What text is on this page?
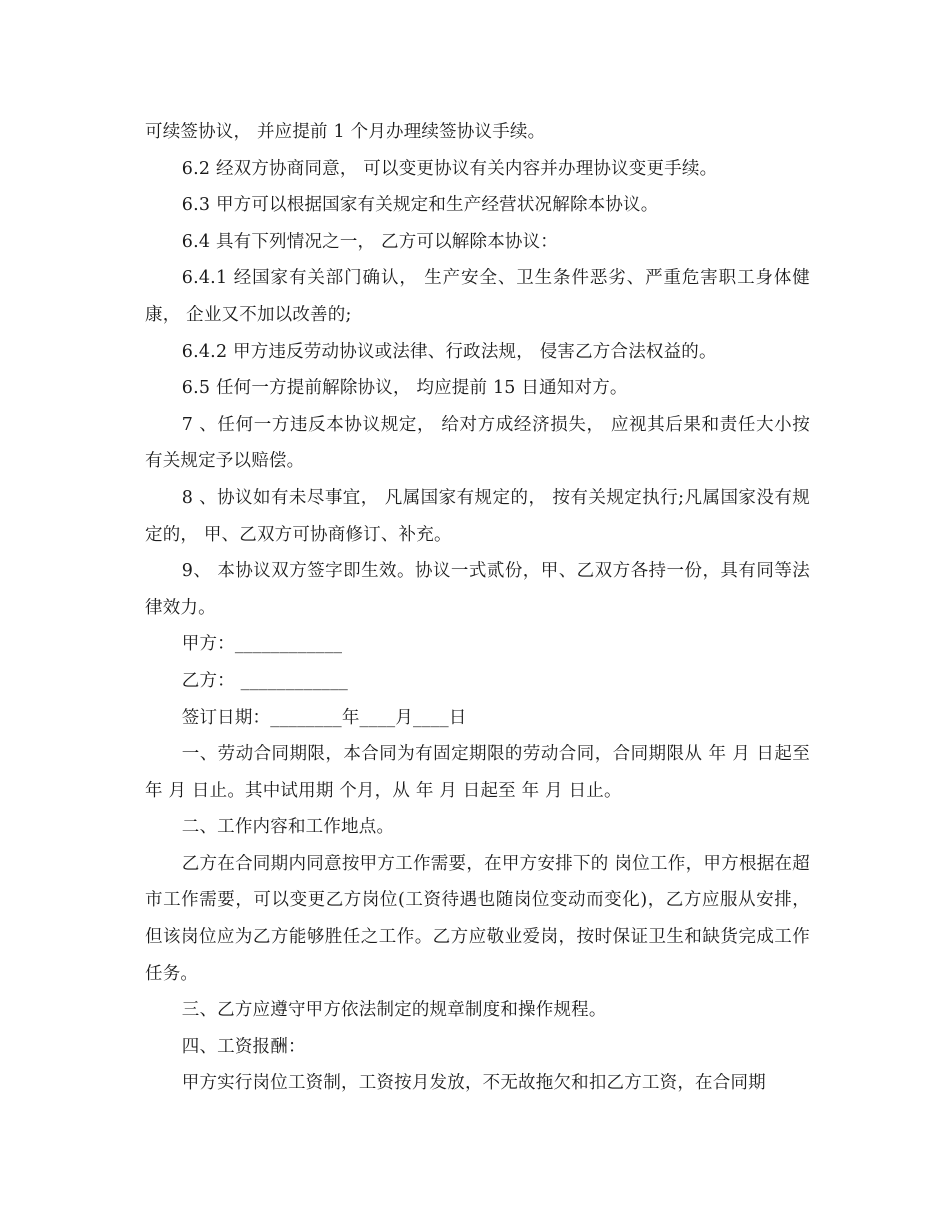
可续签协议， 并应提前 1 个月办理续签协议手续。

6.2 经双方协商同意， 可以变更协议有关内容并办理协议变更手续。

6.3 甲方可以根据国家有关规定和生产经营状况解除本协议。

6.4 具有下列情况之一， 乙方可以解除本协议：

6.4.1 经国家有关部门确认， 生产安全、卫生条件恶劣、严重危害职工身体健康， 企业又不加以改善的;

6.4.2 甲方违反劳动协议或法律、行政法规， 侵害乙方合法权益的。

6.5 任何一方提前解除协议， 均应提前 15 日通知对方。

7 、任何一方违反本协议规定， 给对方成经济损失， 应视其后果和责任大小按有关规定予以赔偿。

8 、协议如有未尽事宜， 凡属国家有规定的， 按有关规定执行;凡属国家没有规定的， 甲、乙双方可协商修订、补充。

9、 本协议双方签字即生效。协议一式贰份，甲、乙双方各持一份，具有同等法律效力。

甲方：____________

乙方： ____________

签订日期：________年____月____日

一、劳动合同期限，本合同为有固定期限的劳动合同，合同期限从 年 月 日起至 年 月 日止。其中试用期 个月，从 年 月 日起至 年 月 日止。

二、工作内容和工作地点。

乙方在合同期内同意按甲方工作需要，在甲方安排下的 岗位工作，甲方根据在超市工作需要，可以变更乙方岗位(工资待遇也随岗位变动而变化)，乙方应服从安排，但该岗位应为乙方能够胜任之工作。乙方应敬业爱岗，按时保证卫生和缺货完成工作任务。

三、乙方应遵守甲方依法制定的规章制度和操作规程。

四、工资报酬：

甲方实行岗位工资制，工资按月发放，不无故拖欠和扣乙方工资，在合同期
